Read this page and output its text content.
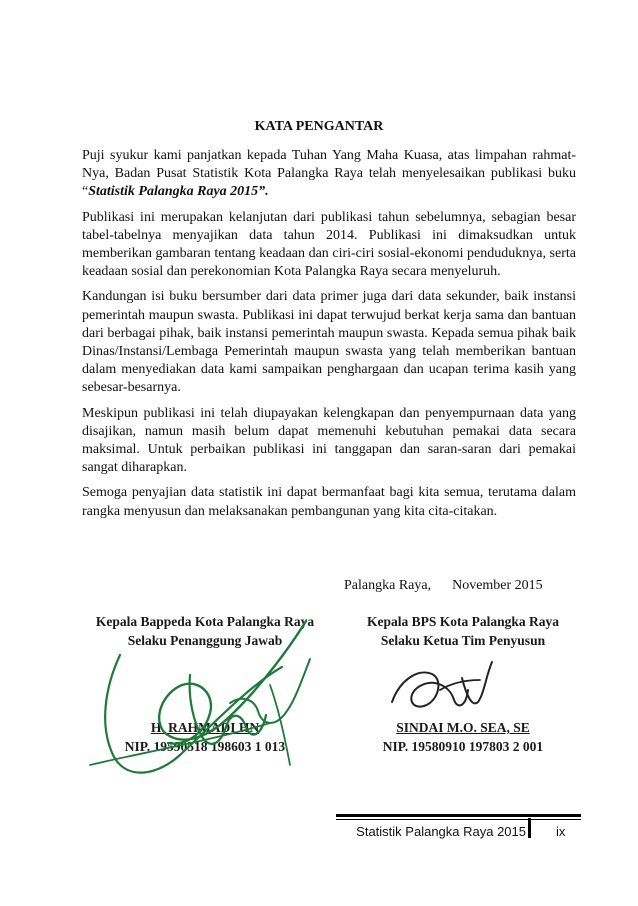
KATA PENGANTAR

Puji syukur kami panjatkan kepada Tuhan Yang Maha Kuasa, atas limpahan rahmat-Nya, Badan Pusat Statistik Kota Palangka Raya telah menyelesaikan publikasi buku “Statistik Palangka Raya 2015”.

Publikasi ini merupakan kelanjutan dari publikasi tahun sebelumnya, sebagian besar tabel-tabelnya menyajikan data tahun 2014. Publikasi ini dimaksudkan untuk memberikan gambaran tentang keadaan dan ciri-ciri sosial-ekonomi penduduknya, serta keadaan sosial dan perekonomian Kota Palangka Raya secara menyeluruh.

Kandungan isi buku bersumber dari data primer juga dari data sekunder, baik instansi pemerintah maupun swasta. Publikasi ini dapat terwujud berkat kerja sama dan bantuan dari berbagai pihak, baik instansi pemerintah maupun swasta. Kepada semua pihak baik Dinas/Instansi/Lembaga Pemerintah maupun swasta yang telah memberikan bantuan dalam menyediakan data kami sampaikan penghargaan dan ucapan terima kasih yang sebesar-besarnya.

Meskipun publikasi ini telah diupayakan kelengkapan dan penyempurnaan data yang disajikan, namun masih belum dapat memenuhi kebutuhan pemakai data secara maksimal. Untuk perbaikan publikasi ini tanggapan dan saran-saran dari pemakai sangat diharapkan.

Semoga penyajian data statistik ini dapat bermanfaat bagi kita semua, terutama dalam rangka menyusun dan melaksanakan pembangunan yang kita cita-citakan.

Palangka Raya, November 2015
Kepala Bappeda Kota Palangka Raya
Selaku Penanggung Jawab
H. RAHMADI HN
NIP. 19590518 198603 1 013
Kepala BPS Kota Palangka Raya
Selaku Ketua Tim Penyusun
SINDAI M.O. SEA, SE
NIP. 19580910 197803 2 001
Statistik Palangka Raya 2015 ix
